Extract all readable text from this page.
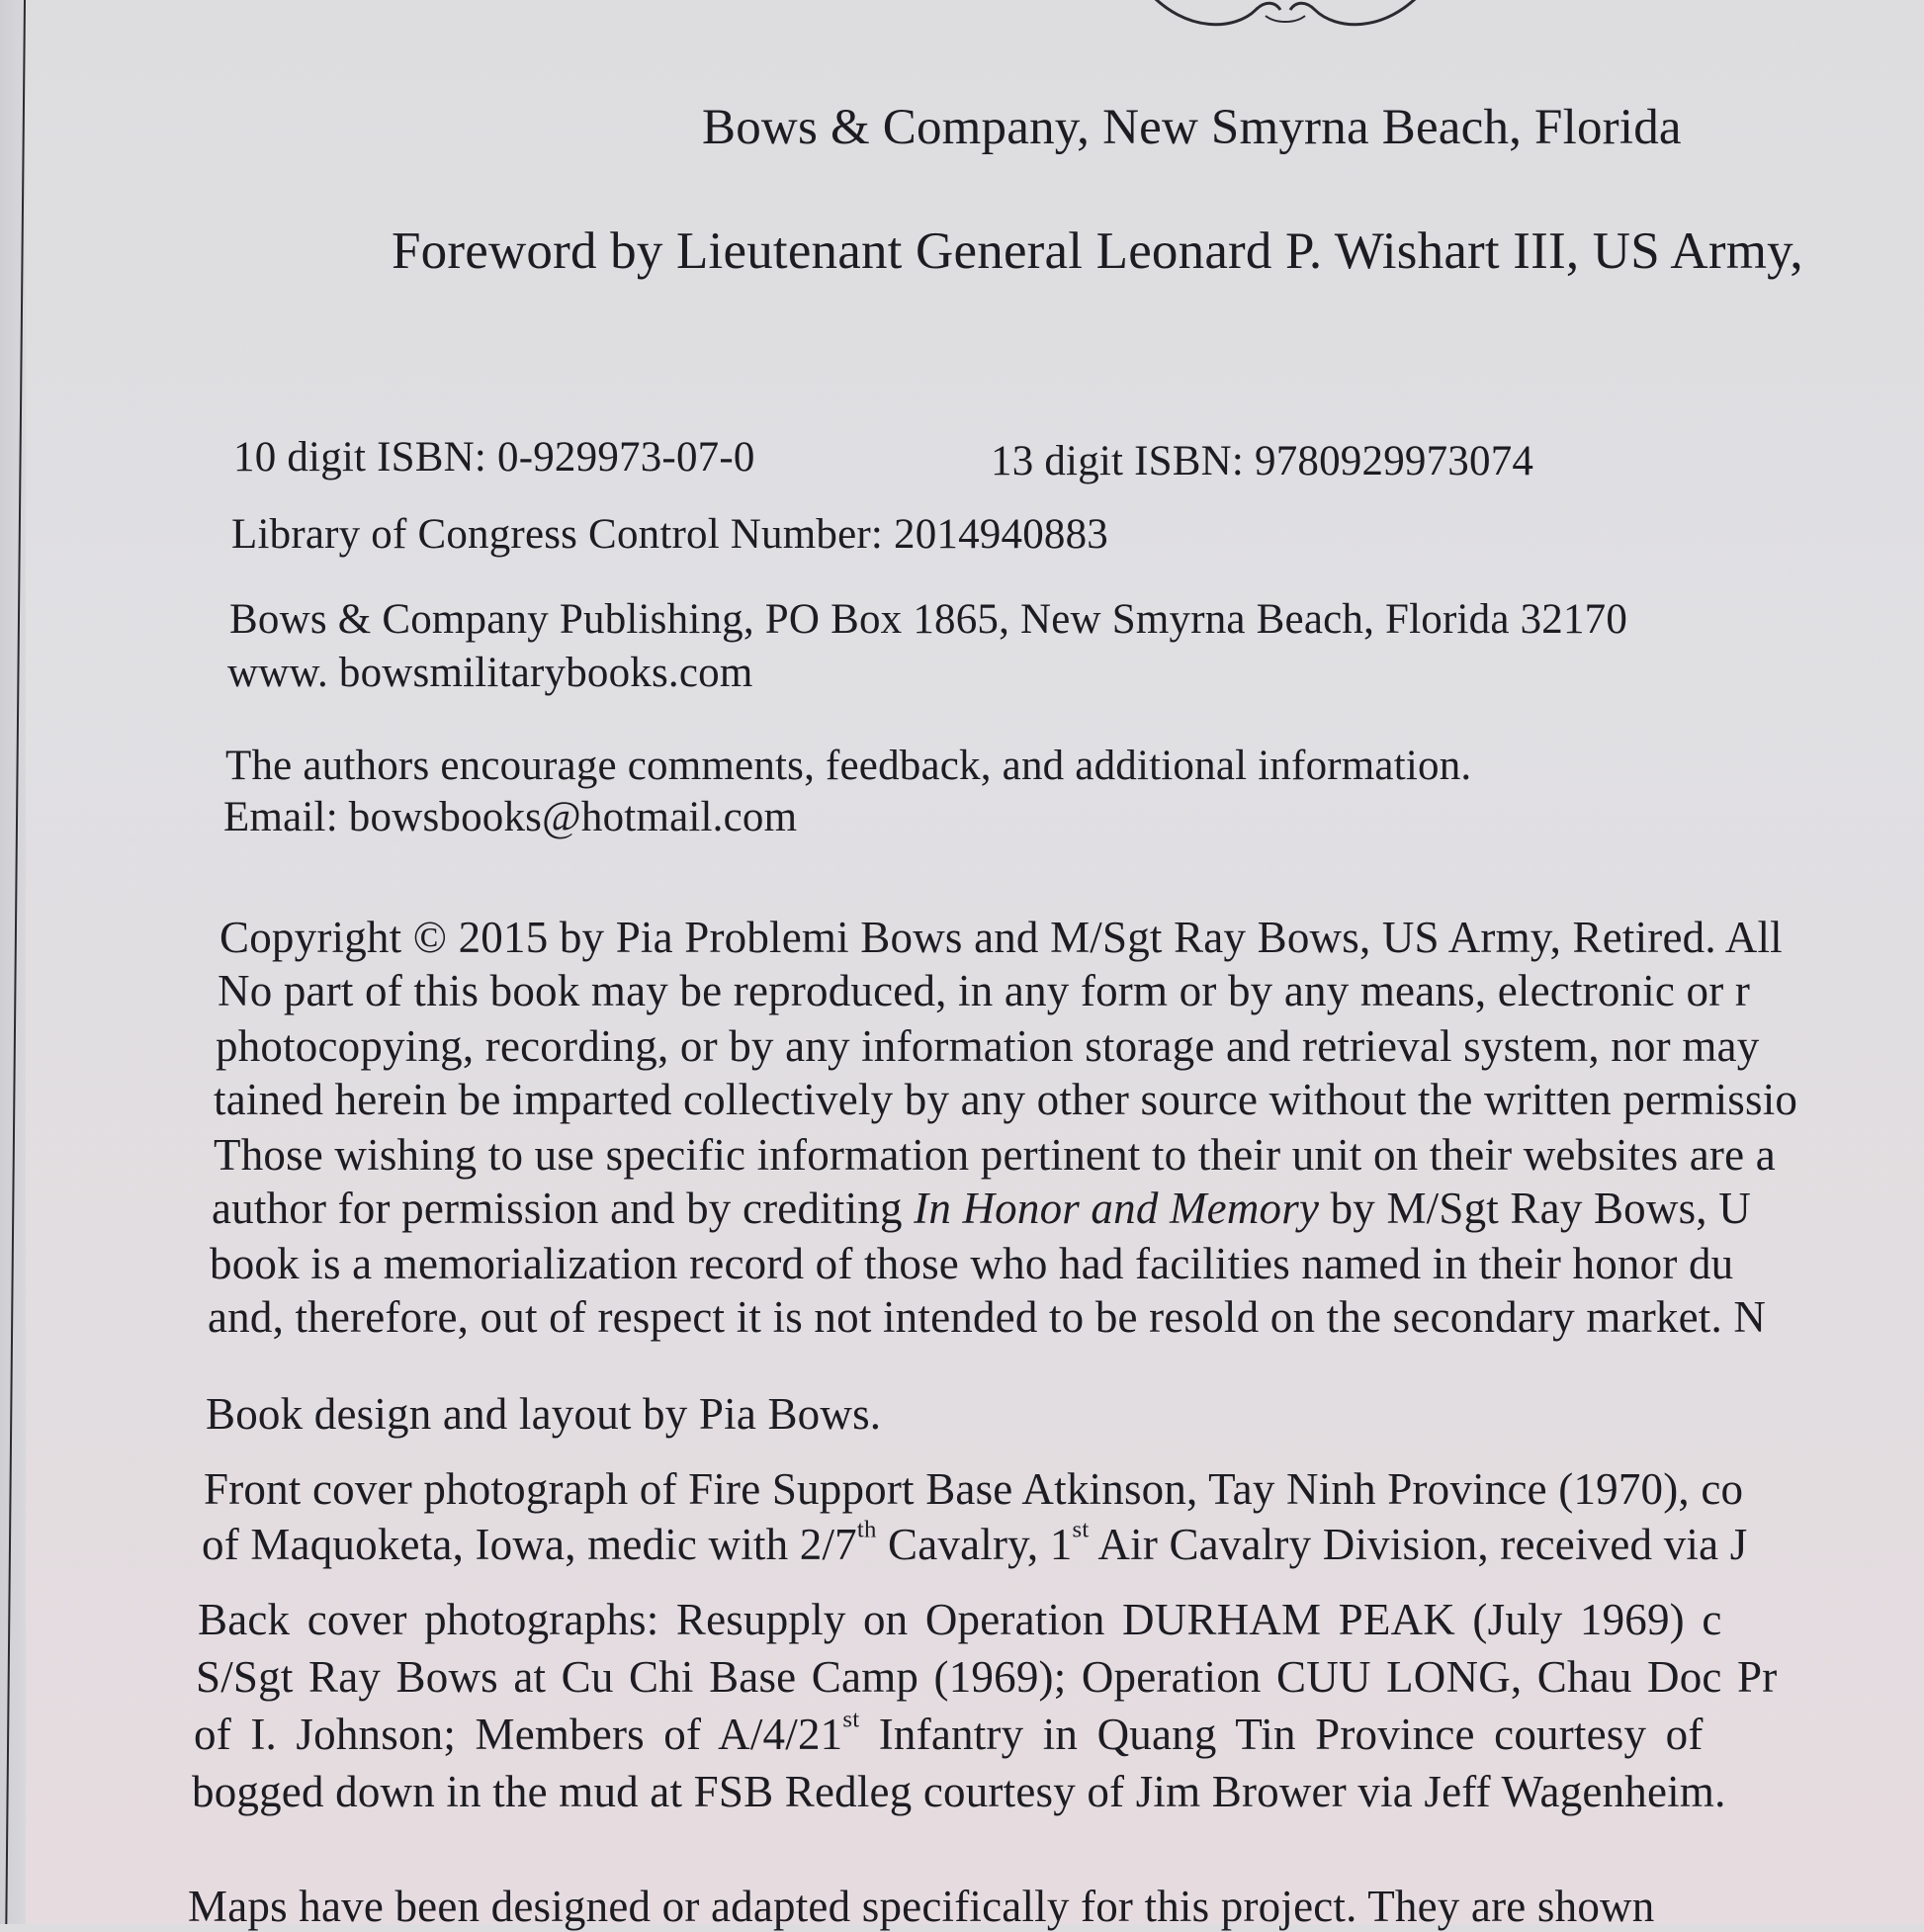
Bows & Company, New Smyrna Beach, Florida

Foreword by Lieutenant General Leonard P. Wishart III, US Army,

10 digit ISBN: 0-929973-07-0	13 digit ISBN: 9780929973074

Library of Congress Control Number: 2014940883

Bows & Company Publishing, PO Box 1865, New Smyrna Beach, Florida 32170

www. bowsmilitarybooks.com

The authors encourage comments, feedback, and additional information.

Email: bowsbooks@hotmail.com

Copyright © 2015 by Pia Problemi Bows and M/Sgt Ray Bows, US Army, Retired. All

No part of this book may be reproduced, in any form or by any means, electronic or r

photocopying, recording, or by any information storage and retrieval system, nor may

tained herein be imparted collectively by any other source without the written permissio

Those wishing to use specific information pertinent to their unit on their websites are a

author for permission and by crediting In Honor and Memory by M/Sgt Ray Bows, U

book is a memorialization record of those who had facilities named in their honor du

and, therefore, out of respect it is not intended to be resold on the secondary market. N

Book design and layout by Pia Bows.

Front cover photograph of Fire Support Base Atkinson, Tay Ninh Province (1970), co

of Maquoketa, Iowa, medic with 2/7th Cavalry, 1st Air Cavalry Division, received via J

Back cover photographs: Resupply on Operation DURHAM PEAK (July 1969) c

S/Sgt Ray Bows at Cu Chi Base Camp (1969); Operation CUU LONG, Chau Doc Pr

of I. Johnson; Members of A/4/21st Infantry in Quang Tin Province courtesy of

bogged down in the mud at FSB Redleg courtesy of Jim Brower via Jeff Wagenheim.

Maps have been designed or adapted specifically for this project. They are shown
